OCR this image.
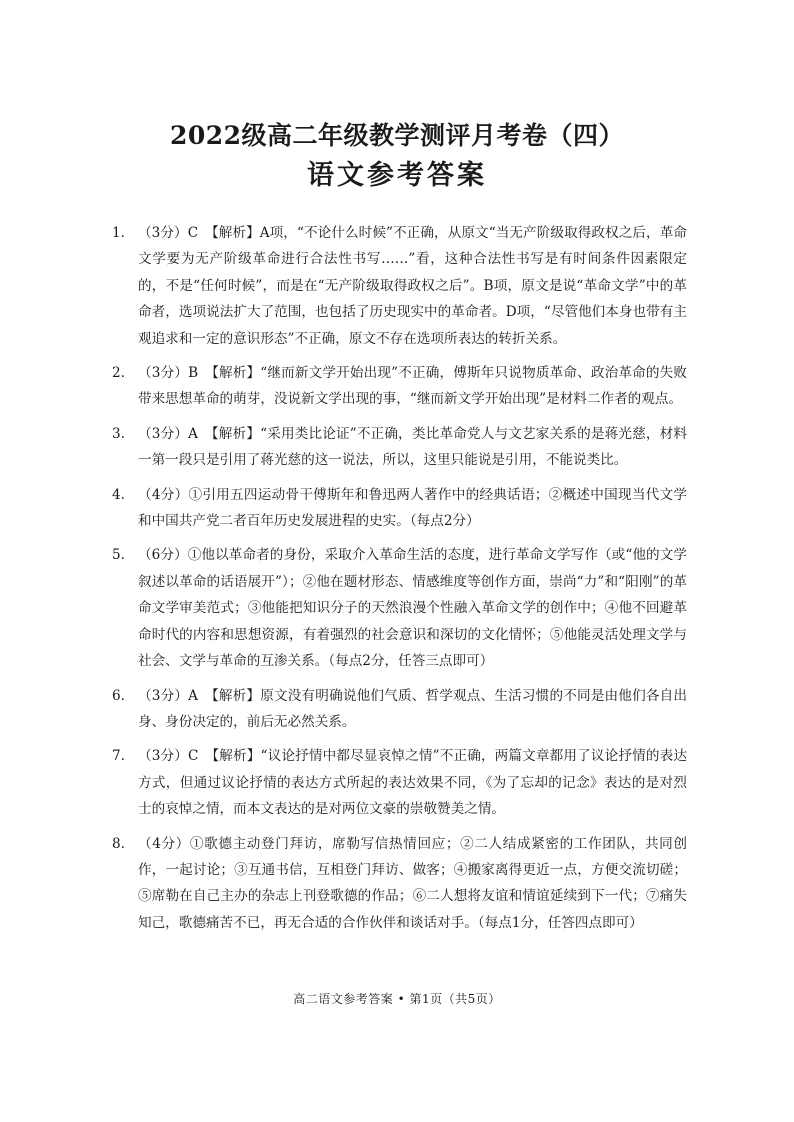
2022级高二年级教学测评月考卷（四）
语文参考答案
1. （3分）C　【解析】A项，“不论什么时候”不正确，从原文“当无产阶级取得政权之后，革命文学要为无产阶级革命进行合法性书写……”看，这种合法性书写是有时间条件因素限定的，不是“任何时候”，而是在“无产阶级取得政权之后”。B项，原文是说“革命文学”中的革命者，选项说法扩大了范围，也包括了历史现实中的革命者。D项，“尽管他们本身也带有主观追求和一定的意识形态”不正确，原文不存在选项所表达的转折关系。
2. （3分）B　【解析】“继而新文学开始出现”不正确，傅斯年只说物质革命、政治革命的失败带来思想革命的萌芽，没说新文学出现的事，“继而新文学开始出现”是材料二作者的观点。
3. （3分）A　【解析】“采用类比论证”不正确，类比革命党人与文艺家关系的是蒋光慈，材料一第一段只是引用了蒋光慈的这一说法，所以，这里只能说是引用，不能说类比。
4. （4分）①引用五四运动骨干傅斯年和鲁迅两人著作中的经典话语；②概述中国现当代文学和中国共产党二者百年历史发展进程的史实。（每点2分）
5. （6分）①他以革命者的身份，采取介入革命生活的态度，进行革命文学写作（或“他的文学叙述以革命的话语展开”）；②他在题材形态、情感维度等创作方面，崇尚“力”和“阳刚”的革命文学审美范式；③他能把知识分子的天然浪漫个性融入革命文学的创作中；④他不回避革命时代的内容和思想资源，有着强烈的社会意识和深切的文化情怀；⑤他能灵活处理文学与社会、文学与革命的互渗关系。（每点2分，任答三点即可）
6. （3分）A　【解析】原文没有明确说他们气质、哲学观点、生活习惯的不同是由他们各自出身、身份决定的，前后无必然关系。
7. （3分）C　【解析】“议论抒情中都尽显哀悼之情”不正确，两篇文章都用了议论抒情的表达方式，但通过议论抒情的表达方式所起的表达效果不同，《为了忘却的记念》表达的是对烈士的哀悼之情，而本文表达的是对两位文豪的崇敬赞美之情。
8. （4分）①歌德主动登门拜访，席勒写信热情回应；②二人结成紧密的工作团队，共同创作，一起讨论；③互通书信，互相登门拜访、做客；④搬家离得更近一点，方便交流切磋；⑤席勒在自己主办的杂志上刊登歌德的作品；⑥二人想将友谊和情谊延续到下一代；⑦痛失知己，歌德痛苦不已，再无合适的合作伙伴和谈话对手。（每点1分，任答四点即可）
高二语文参考答案 • 第1页（共5页）
